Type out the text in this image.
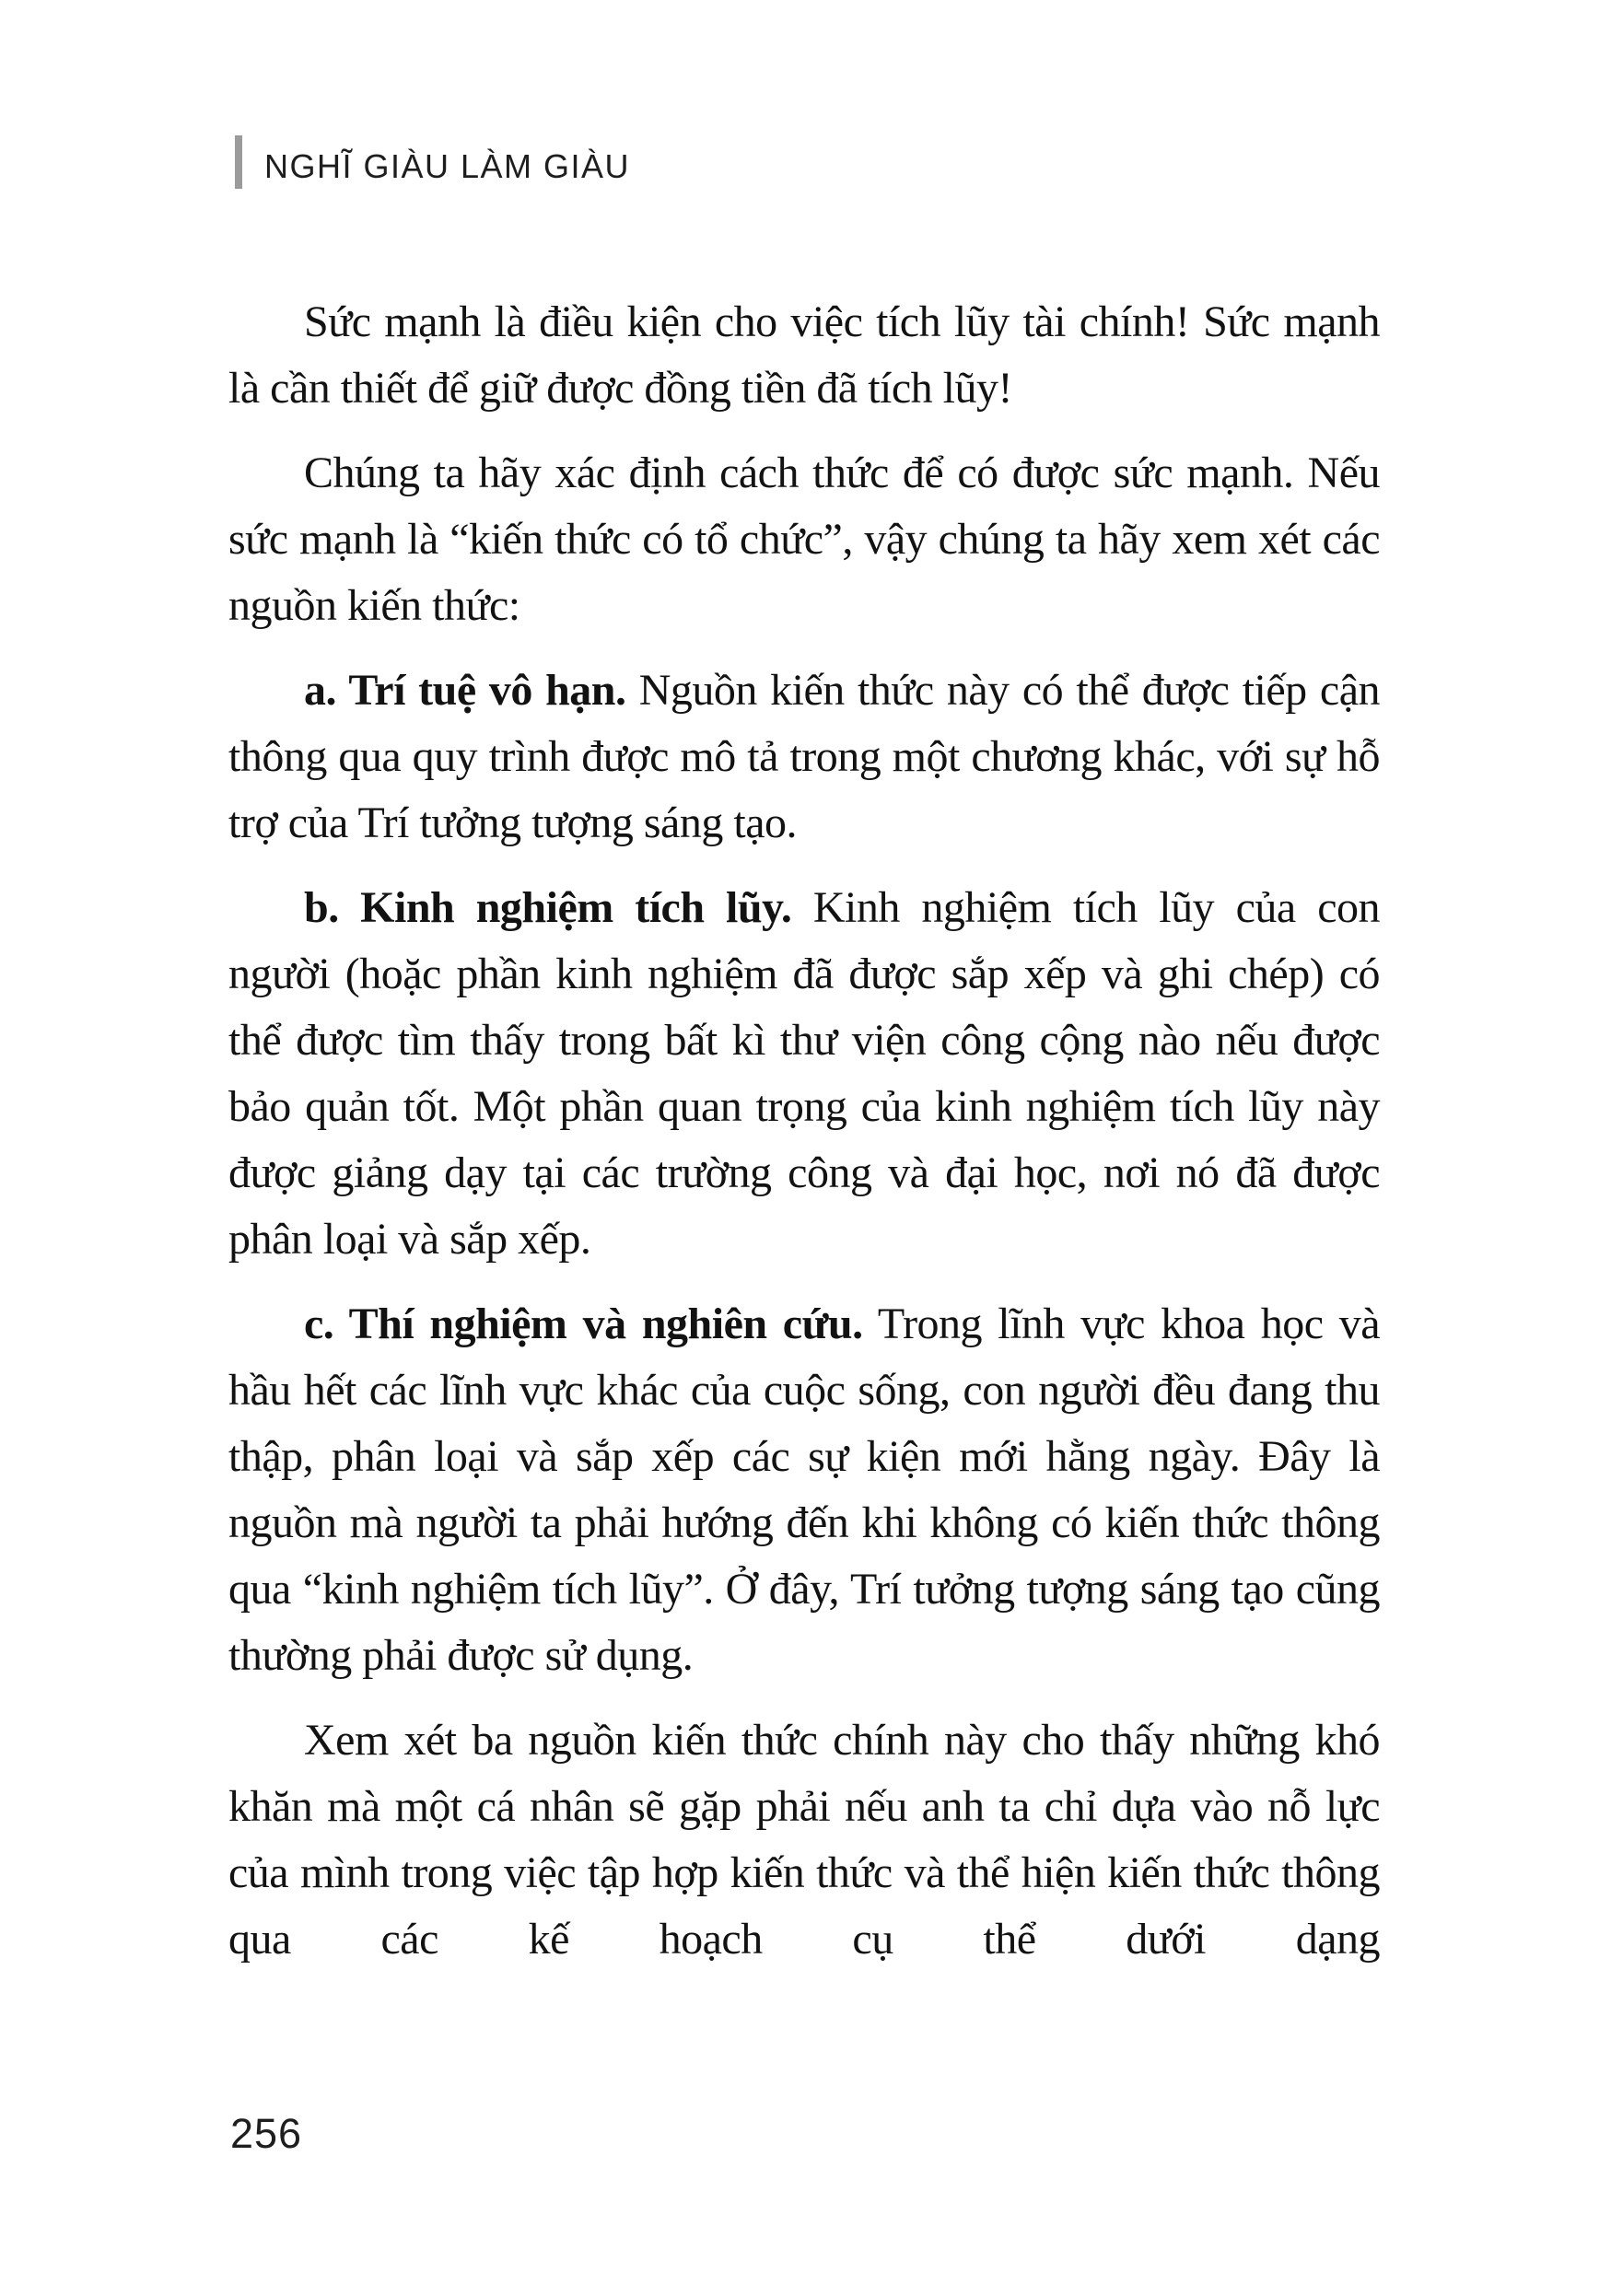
NGHĨ GIÀU LÀM GIÀU

Sức mạnh là điều kiện cho việc tích lũy tài chính! Sức mạnh là cần thiết để giữ được đồng tiền đã tích lũy!

Chúng ta hãy xác định cách thức để có được sức mạnh. Nếu sức mạnh là “kiến thức có tổ chức”, vậy chúng ta hãy xem xét các nguồn kiến thức:

a. Trí tuệ vô hạn. Nguồn kiến thức này có thể được tiếp cận thông qua quy trình được mô tả trong một chương khác, với sự hỗ trợ của Trí tưởng tượng sáng tạo.

b. Kinh nghiệm tích lũy. Kinh nghiệm tích lũy của con người (hoặc phần kinh nghiệm đã được sắp xếp và ghi chép) có thể được tìm thấy trong bất kì thư viện công cộng nào nếu được bảo quản tốt. Một phần quan trọng của kinh nghiệm tích lũy này được giảng dạy tại các trường công và đại học, nơi nó đã được phân loại và sắp xếp.

c. Thí nghiệm và nghiên cứu. Trong lĩnh vực khoa học và hầu hết các lĩnh vực khác của cuộc sống, con người đều đang thu thập, phân loại và sắp xếp các sự kiện mới hằng ngày. Đây là nguồn mà người ta phải hướng đến khi không có kiến thức thông qua “kinh nghiệm tích lũy”. Ở đây, Trí tưởng tượng sáng tạo cũng thường phải được sử dụng.

Xem xét ba nguồn kiến thức chính này cho thấy những khó khăn mà một cá nhân sẽ gặp phải nếu anh ta chỉ dựa vào nỗ lực của mình trong việc tập hợp kiến thức và thể hiện kiến thức thông qua các kế hoạch cụ thể dưới dạng

256
